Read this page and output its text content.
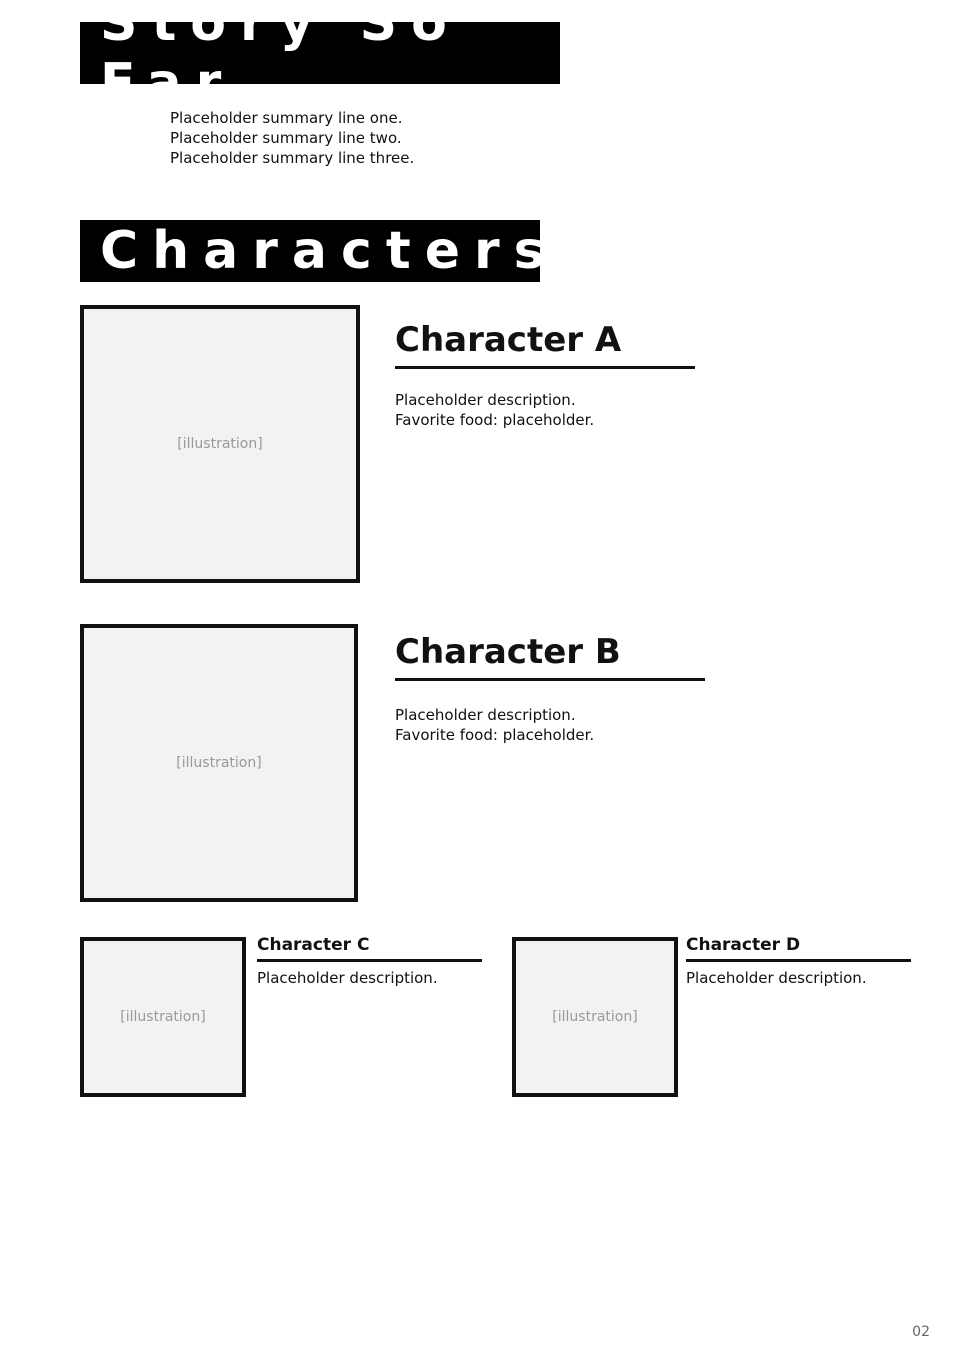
Story So Far
Placeholder summary line one.
Placeholder summary line two.
Placeholder summary line three.
Characters
[illustration]
Character A
Placeholder description.
Favorite food: placeholder.
[illustration]
Character B
Placeholder description.
Favorite food: placeholder.
[illustration]
Character C
Placeholder description.
[illustration]
Character D
Placeholder description.
02
